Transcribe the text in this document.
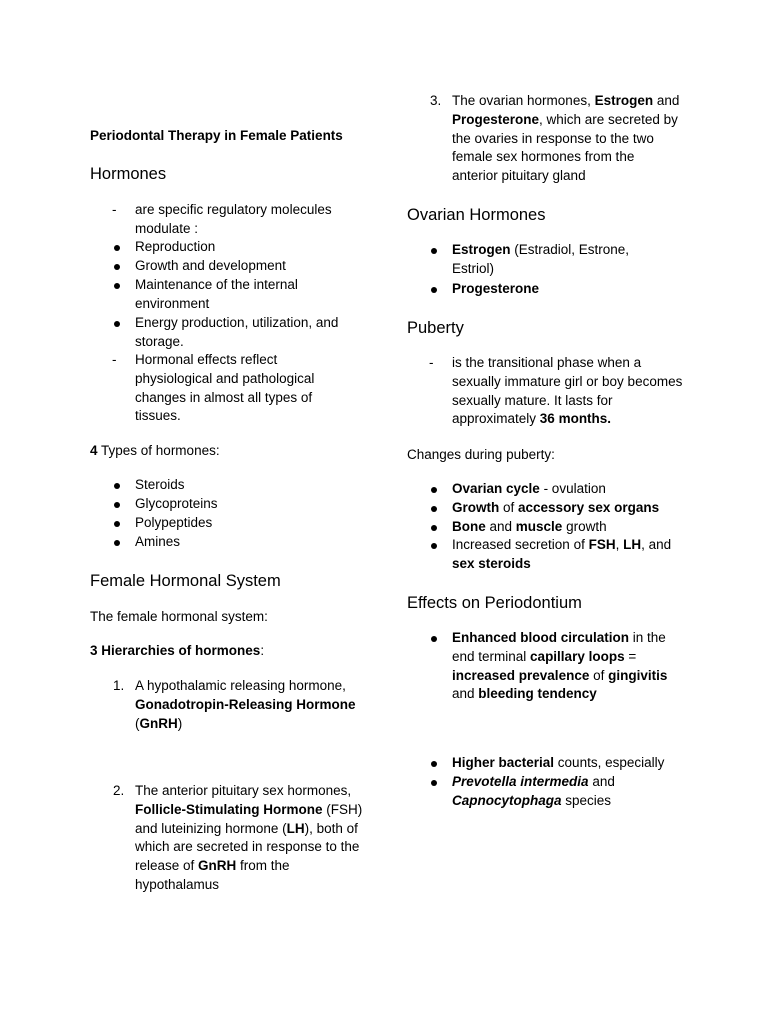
Periodontal Therapy in Female Patients
Hormones
- are specific regulatory molecules modulate :

Reproduction

Growth and development

Maintenance of the internal environment

Energy production, utilization, and storage.

- Hormonal effects reflect physiological and pathological changes in almost all types of tissues.

4 Types of hormones:

Steroids

Glycoproteins

Polypeptides

Amines

Female Hormonal System

The female hormonal system:

3 Hierarchies of hormones:

1. A hypothalamic releasing hormone, Gonadotropin-Releasing Hormone (GnRH)

2. The anterior pituitary sex hormones, Follicle-Stimulating Hormone (FSH) and luteinizing hormone (LH), both of which are secreted in response to the release of GnRH from the hypothalamus

3. The ovarian hormones, Estrogen and Progesterone, which are secreted by the ovaries in response to the two female sex hormones from the anterior pituitary gland

Ovarian Hormones

Estrogen (Estradiol, Estrone, Estriol)

Progesterone

Puberty
- is the transitional phase when a sexually immature girl or boy becomes sexually mature. It lasts for approximately 36 months.

Changes during puberty:

Ovarian cycle - ovulation

Growth of accessory sex organs

Bone and muscle growth

Increased secretion of FSH, LH, and sex steroids

Effects on Periodontium

Enhanced blood circulation in the end terminal capillary loops = increased prevalence of gingivitis and bleeding tendency

Higher bacterial counts, especially

Prevotella intermedia and Capnocytophaga species
